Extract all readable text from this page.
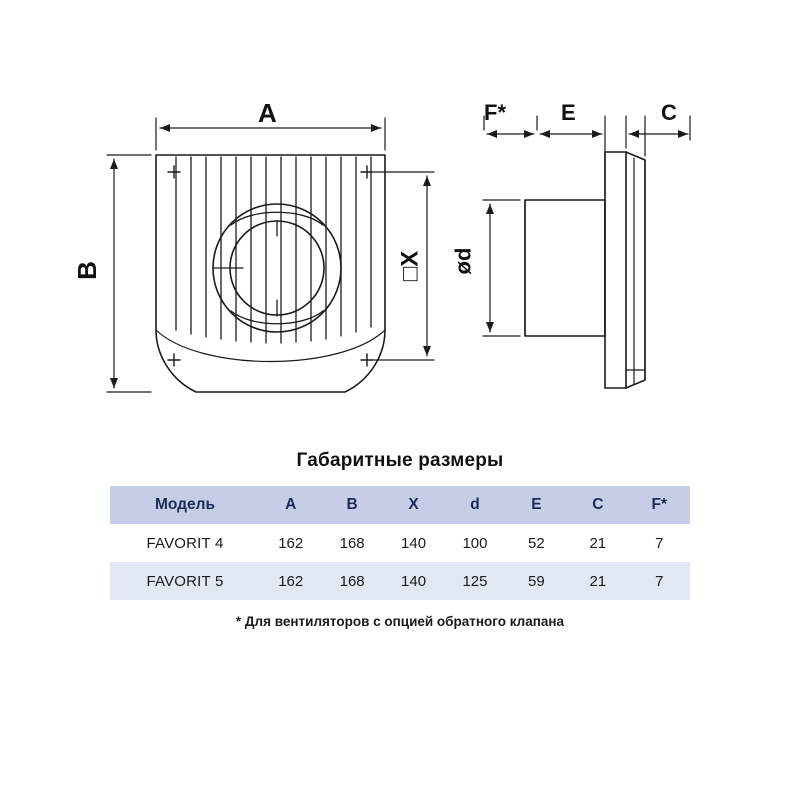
A
B	□X
F*	E	C
ød
Габаритные размеры
Модель	A	B	X	d	E	C	F*
FAVORIT 4	162	168	140	100	52	21	7
FAVORIT 5	162	168	140	125	59	21	7
* Для вентиляторов с опцией обратного клапана
